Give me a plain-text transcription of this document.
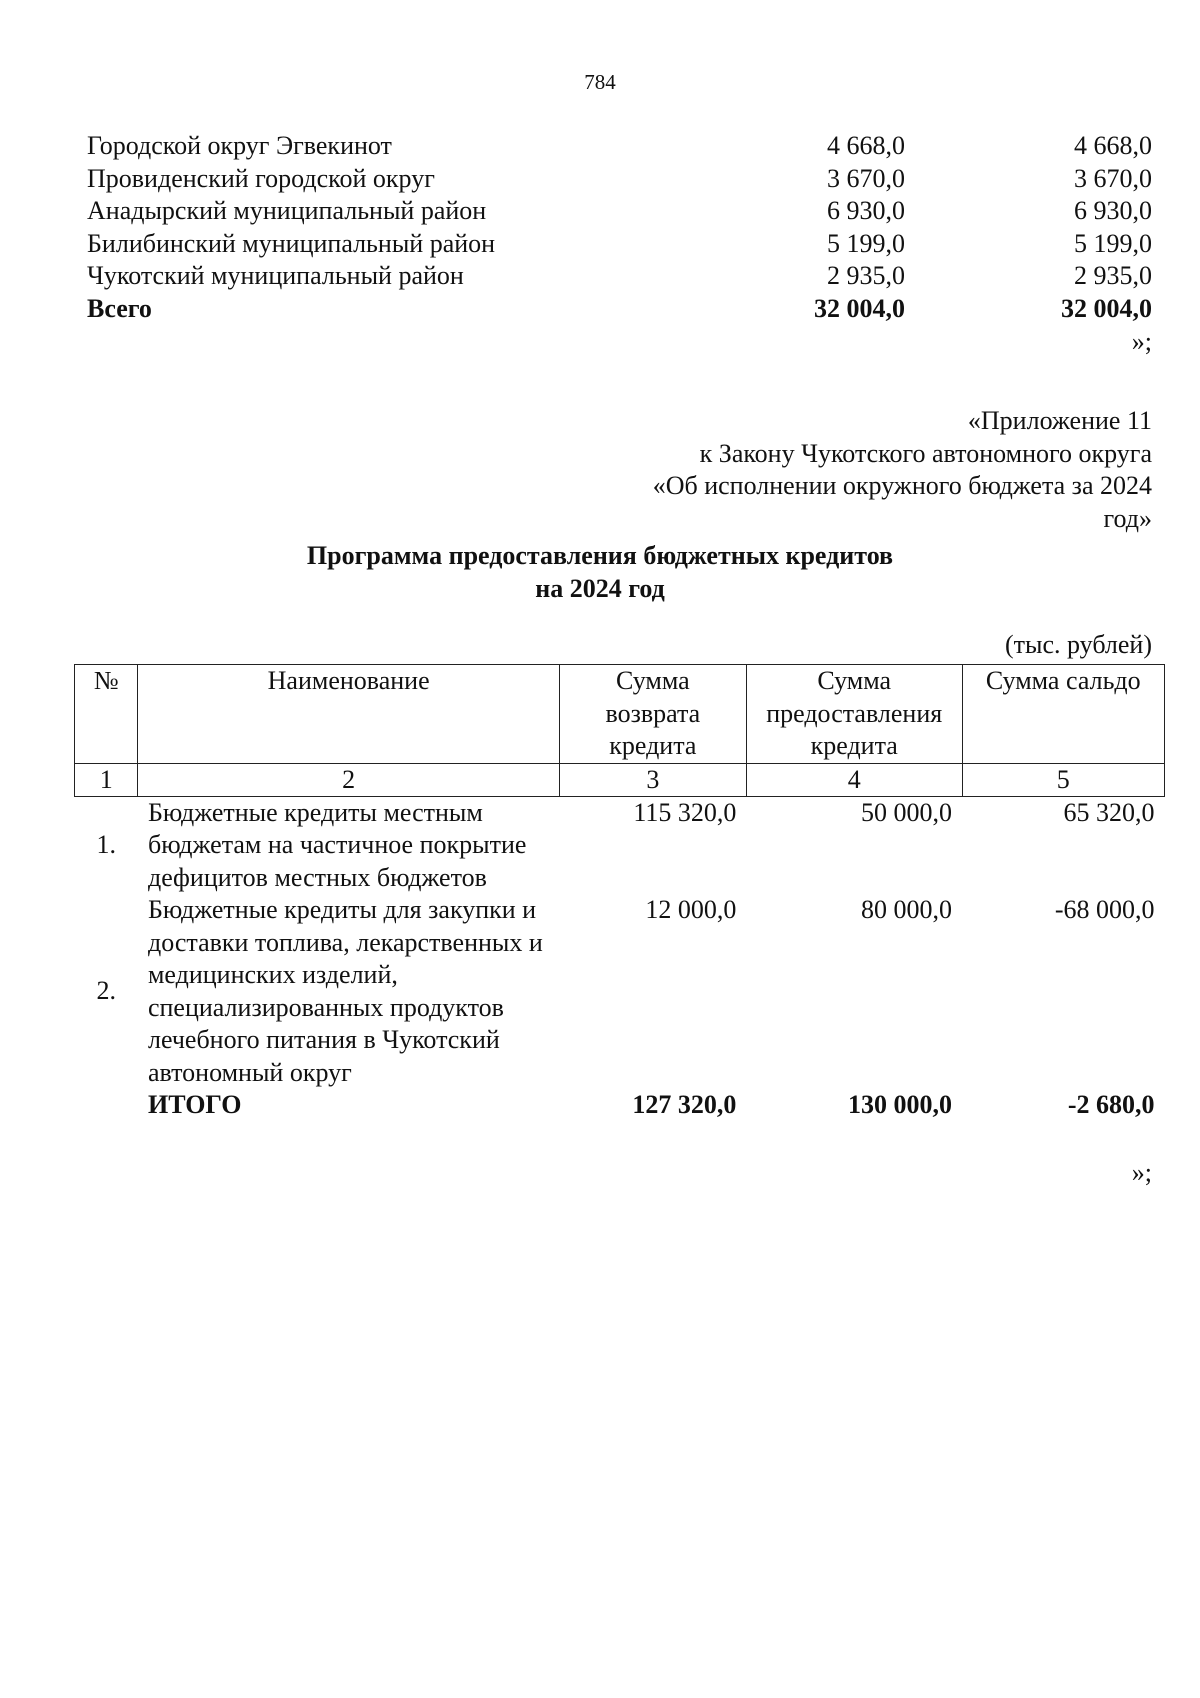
784
Городской округ Эгвекинот	4 668,0	4 668,0
Провиденский городской округ	3 670,0	3 670,0
Анадырский муниципальный район	6 930,0	6 930,0
Билибинский муниципальный район	5 199,0	5 199,0
Чукотский муниципальный район	2 935,0	2 935,0
Всего	32 004,0	32 004,0
»;
«Приложение 11
к Закону Чукотского автономного округа
«Об исполнении окружного бюджета за 2024
год»
Программа предоставления бюджетных кредитов
на 2024 год
(тыс. рублей)
№	Наименование	Сумма возврата кредита	Сумма предоставления кредита	Сумма сальдо
1	2	3	4	5
1.	Бюджетные кредиты местным бюджетам на частичное покрытие дефицитов местных бюджетов	115 320,0	50 000,0	65 320,0
2.	Бюджетные кредиты для закупки и доставки топлива, лекарственных и медицинских изделий, специализированных продуктов лечебного питания в Чукотский автономный округ	12 000,0	80 000,0	-68 000,0
	ИТОГО	127 320,0	130 000,0	-2 680,0
»;
